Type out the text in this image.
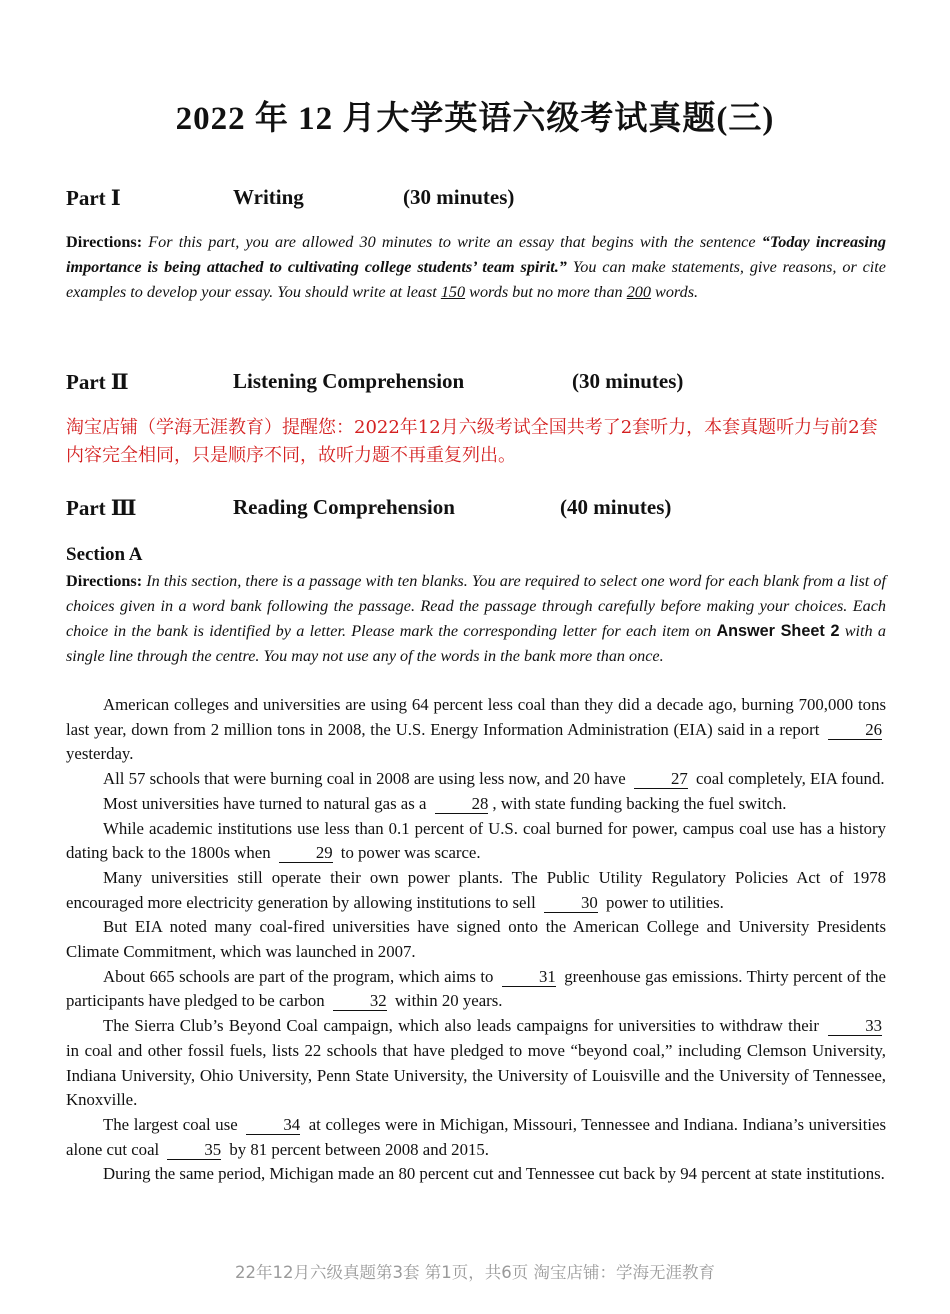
2022 年 12 月大学英语六级考试真题(三)
Part Ⅰ	Writing	(30 minutes)
Directions: For this part, you are allowed 30 minutes to write an essay that begins with the sentence “Today increasing importance is being attached to cultivating college students’ team spirit.” You can make statements, give reasons, or cite examples to develop your essay. You should write at least 150 words but no more than 200 words.
Part Ⅱ	Listening Comprehension	(30 minutes)
淘宝店铺（学海无涯教育）提醒您：2022年12月六级考试全国共考了2套听力，本套真题听力与前2套内容完全相同，只是顺序不同，故听力题不再重复列出。
Part Ⅲ	Reading Comprehension	(40 minutes)
Section A
Directions: In this section, there is a passage with ten blanks. You are required to select one word for each blank from a list of choices given in a word bank following the passage. Read the passage through carefully before making your choices. Each choice in the bank is identified by a letter. Please mark the corresponding letter for each item on Answer Sheet 2 with a single line through the centre. You may not use any of the words in the bank more than once.

American colleges and universities are using 64 percent less coal than they did a decade ago, burning 700,000 tons last year, down from 2 million tons in 2008, the U.S. Energy Information Administration (EIA) said in a report	26 yesterday.

All 57 schools that were burning coal in 2008 are using less now, and 20 have	27 coal completely, EIA found.

Most universities have turned to natural gas as a	28 , with state funding backing the fuel switch.

While academic institutions use less than 0.1 percent of U.S. coal burned for power, campus coal use has a history dating back to the 1800s when	29 to power was scarce.

Many universities still operate their own power plants. The Public Utility Regulatory Policies Act of 1978 encouraged more electricity generation by allowing institutions to sell	30 power to utilities.

But EIA noted many coal-fired universities have signed onto the American College and University Presidents Climate Commitment, which was launched in 2007.

About 665 schools are part of the program, which aims to	31 greenhouse gas emissions. Thirty percent of the participants have pledged to be carbon	32 within 20 years.

The Sierra Club’s Beyond Coal campaign, which also leads campaigns for universities to withdraw their	33 in coal and other fossil fuels, lists 22 schools that have pledged to move “beyond coal,” including Clemson University, Indiana University, Ohio University, Penn State University, the University of Louisville and the University of Tennessee, Knoxville.

The largest coal use	34 at colleges were in Michigan, Missouri, Tennessee and Indiana. Indiana’s universities alone cut coal	35 by 81 percent between 2008 and 2015.

During the same period, Michigan made an 80 percent cut and Tennessee cut back by 94 percent at state institutions.

22年12月六级真题第3套 第1页，共6页 淘宝店铺：学海无涯教育
